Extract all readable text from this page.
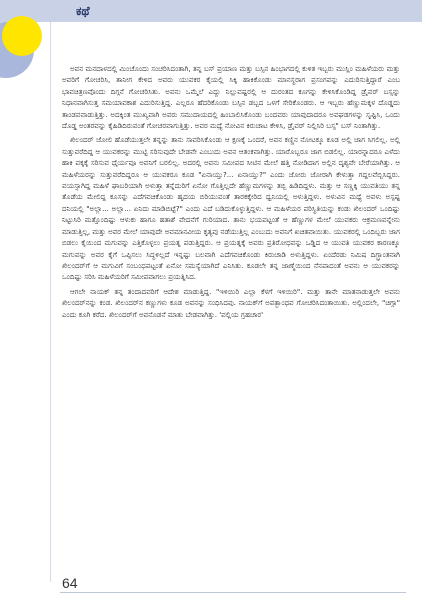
ಕಥೆ

ಅವನ ಮನದಾಳದಲ್ಲಿ ಮಿಂಚೊಂದು ಸಂಚರಿಸಿದಂತಾಗಿ, ತನ್ನ ಬಸ್ ಪ್ರಯಾಣ ಮತ್ತು ಬಸ್ಸಿನ ಹಿಂಭಾಗದಲ್ಲಿ ಕುಳಿತ ಇಬ್ಬರು ಮುಸ್ಲಿಂ ಮಹಿಳೆಯರು ಮತ್ತು ಅವರಿಗೆ ಗೋಚರಿಸಿ, ತಾನೀಗ ಕೇಳಿದ ಅವರು ಯುವಕರ ಕೈಯಲ್ಲಿ ಸಿಕ್ಕಿ ಹಾಕಿಕೊಂಡು ಮಾನಸ್ಥರಾಗ ಪ್ರಸಂಗವನ್ನು ಎದುರಿಸುತ್ತಿದ್ದಾರೆ ಎಂಬ ಭಾವಚಿತ್ರಣವೊಂದು ದಿಗ್ಗನೆ ಗೋಚರಿಸಿತು. ಅವನು ಒಮ್ಮೆಲೆ ಎದ್ದು ನಿಲ್ಲುವಷ್ಟರಲ್ಲಿ ಆ ದುರಂತದ ಕೂಗನ್ನು ಕೇಳಿಸಿಕೊಂಡಿದ್ದ ಡ್ರೈವರ್ ಬಸ್ಸನ್ನು ನಿಧಾನವಾಗಿಸುತ್ತ ಸಮಯಾವಕಾಶ ಎದುರಿಸುತ್ತಿದ್ದ. ಎಲ್ಲರೂ ಹೆದರಿಕೊಂಡು ಬಸ್ಸಿನ ಡಬ್ಬದ ಒಳಗೆ ಸೇರಿಕೊಂಡರು. ಆ ಇಬ್ಬರು ಹೆಣ್ಣುಮಕ್ಕಳ ದೊಡ್ಡದು ತಾಂಡವವಾಡುತ್ತಿತ್ತು. ಅದಕ್ಕಿಂತ ಮುಖ್ಯವಾಗಿ ಅವರು ಸಮುದಾಯದಲ್ಲಿ ಹಿಂಬಾಲಿಸಿಕೊಂಡು ಬಂದವರು ಯಾವುದಾದರೂ ಅವಘಡಗಳನ್ನು ಸೃಷ್ಟಿಸಿ, ಒಂದು ದೊಡ್ಡ ಅಂತರವನ್ನು ಕೈಹಿಡಿದಿರುವಂತೆ ಗೋಚರವಾಗುತ್ತಿತ್ತು. ಅವರ ಮಧ್ಯೆ ನೋವಿನ ಕಿರುಚಾಟ ಕೇಳಿಸಿ, ಡ್ರೈವರ್ ನಿಲ್ಲಿಸಿರಿ ಬಸ್ಸ" ಬಸ್ ನಿಂತಾಗಿತ್ತು.

ಖಿಲಂದರ್ ಜೋಲಿ ಹೊಡೆಯುತ್ತಲೇ ತನ್ನನ್ನು ತಾನು ಸಾವರಿಸಿಕೊಂಡು ಆ ಕ್ಷಣಕ್ಕೆ ಒಂದರೆ, ಅವನ ಕಣ್ಣಿನ ನೋಟಕ್ಕೂ ಕೂಡ ಅಲ್ಲಿ ಜಾಗ ಸಿಗಲಿಲ್ಲ. ಅಲ್ಲಿ ಸುತ್ತುವರೆದಿದ್ದ ಆ ಯುವಕರನ್ನು ಮುಟ್ಟಿ ಸರಿಸುವುದೇ ಬೇಡವೇ ಎಂಬುದು ಅವನ ಆತಂಕವಾಗಿತ್ತು. ಯಾರೊಬ್ಬರೂ ಜಾಗ ಬಿಡಲಿಲ್ಲ. ಯಾರನ್ನಾದರೂ ಎಳೆದು ಹಾಕಿ ಪಕ್ಕಕ್ಕೆ ಸರಿಸುವ ಧೈರ್ಯವೂ ಅವನಿಗೆ ಬರಲಿಲ್ಲ. ಅದರಲ್ಲಿ ಅವನು ಸಮೀಪದ ಸೀಟಿನ ಮೇಲೆ ಹತ್ತಿ ನೋಡಿದಾಗ ಅಲ್ಲಿನ ದೃಶ್ಯವೇ ಬೇರೆಯಾಗಿತ್ತು. ಆ ಮಹಿಳೆಯರನ್ನು ಸುತ್ತುವರೆದಿದ್ದರೂ ಆ ಯುವಕರೂ ಕೂಡ "ಏನಾಯ್ತು?... ಏನಾಯ್ತು?" ಎಂದು ಜೋರು ಜೋರಾಗಿ ಕೇಳುತ್ತಾ ಗದ್ದಲವೆಬ್ಬಿಸಿದ್ದರು. ವಯಸ್ಸಾಗಿದ್ದ ಮಹಿಳೆ ಘಾಬರಿಯಾಗಿ ಅಳುತ್ತಾ ತನ್ನೆದುರಿಗೆ ಏನೋ ಗೊತ್ತಿಲ್ಲದೇ ಹೆಣ್ಣುಮಗಳನ್ನು ತಬ್ಬಿ ಹಿಡಿದಿದ್ದಳು. ಮತ್ತು ಆ ಸಣ್ಣಕ್ಕಿ ಯುವತಿಯು ತನ್ನ ತೊಡೆಯ ಮೇಲಿದ್ದ ಕೂಸನ್ನು ಎದೆಗವಚಿಕೊಂಡು ಹೃದಯ ಬಿರಿಯುವಂತೆ ತಾರಕಕ್ಕೇರಿದ ಧ್ವನಿಯಲ್ಲಿ ಅಳುತ್ತಿದ್ದಳು. ಅಳುವಿನ ಮಧ್ಯೆ ಅವಳು ಅಸ್ಪಷ್ಟ ದನಿಯಲ್ಲಿ "ಅಲ್ಲಾ... ಅಲ್ಲಾ... ಏನಿದು ಮಾಡಿಬಿಟ್ಟೆ?" ಎಂದು ಎದೆ ಬಡಿದುಕೊಳ್ಳುತ್ತಿದ್ದಳು. ಆ ಮಹಿಳೆಯರ ಪರಿಸ್ಥಿತಿಯನ್ನು ಕಂಡು ಖಿಲಂದರ್ ಒಂದಿಷ್ಟು ನಿಟ್ಟುಸಿರಿ ಮತ್ತೊಂದಿಷ್ಟು ಆಳುಕು ಹಾಗೂ ಹತಾಶೆ ವೇದನೆಗೆ ಗುರಿಯಾದ. ತಾನು ಭಯಪಟ್ಟಂತೆ ಆ ಹೆಣ್ಣುಗಳ ಮೇಲೆ ಯುವಕರು ಆಕ್ರಮಣವನ್ನೇನು ಮಾಡುತ್ತಿಲ್ಲ, ಮತ್ತು ಅವರ ಮೇಲೆ ಯಾವುದೇ ಅವಮಾನವೀಯ ಕೃತ್ಯವು ನಡೆಯುತ್ತಿಲ್ಲ ಎಂಬುದು ಅವನಿಗೆ ಖಚಿತವಾಯಿತು. ಯುವಕರಲ್ಲಿ ಒಂದಿಬ್ಬರು ಜಾಗ ಬಿಡಲು ಕೈಯಿಂದ ಮಗುವನ್ನು ಎತ್ತಿಕೊಳ್ಳಲು ಪ್ರಯತ್ನ ಪಡುತ್ತಿದ್ದರು. ಆ ಪ್ರಯತ್ನಕ್ಕೆ ಅವರು ಪ್ರತಿರೋಧವನ್ನು ಒಡ್ಡಿದ ಆ ಯುವತಿ ಯುವಕರ ಕಾರಣಕ್ಕೂ ಮಗುವನ್ನು ಅವರ ಕೈಗೆ ಒಪ್ಪಿಸಲು ಸಿದ್ಧಳಿಲ್ಲದೆ ಇನ್ನಷ್ಟು ಬಲವಾಗಿ ಎದೆಗವಚಿಕೊಂಡು ಕಿರುಚಾಡಿ ಅಳುತ್ತಿದ್ದಳು. ಏಂದೆರಡು ನಿಮಿಷ ದಿಗ್ಭ್ರಾಂತನಾಗಿ ಖಿಲಂದರ್‌ಗೆ ಆ ಮಗುವಿಗೆ ಸಂಬಂಧಪಟ್ಟಂತೆ ಏನೋ ಸಮಸ್ಯೆಯಾಗಿದೆ ಎನಿಸಿತು. ಕೂಡಲೇ ತನ್ನ ಜಾಣ್ಮೆಯಿಂದ ನೆನಪಾದಂತೆ ಅವನು ಆ ಯುವಕರನ್ನು ಒಂದಿಷ್ಟು ಸರಿಸಿ ಮಹಿಳೆಯರಿಗೆ ಸಮೀಪವಾಗಲು ಪ್ರಯತ್ನಿಸಿದ.

ಆಗಲೇ ನಾಯಕ್ ತನ್ನ ತಂದಾದವರಿಗೆ ಆದೇಶ ಮಾಡುತ್ತಿದ್ದ. "ಇಳಿಯಿರಿ ಎಲ್ಲಾ ಕೆಳಗೆ ಇಳಿಯಿರಿ". ಮತ್ತು ತಾನೇ ಮಾತನಾಡುತ್ತಲೇ ಅವನು ಖಿಲಂದರ್‌ನನ್ನು ಕಂಡ. ಖಿಲಂದರ್‌ನ ಕಣ್ಣುಗಳು ಕೂಡ ಅವನನ್ನು ಸಂಧಿಸಿದವು. ನಾಯಕ್‌ಗೆ ಅಪತ್ಭಾಂಧವ ಗೋಚರಿಸಿದಂತಾಯಿತು. ಅಲ್ಲಿಂದಲೇ, "ಚಿಗ್ಗಾ" ಎಂದು ಕೂಗಿ ಕರೆದ. ಖಿಲಂದರ್‌ಗೆ ಅವನೊಡನೆ ಮಾತು ಬೇಡವಾಗಿತ್ತು. 'ವಲ್ಲಿಯ ಗ್ರಹಚಾರ'

64
